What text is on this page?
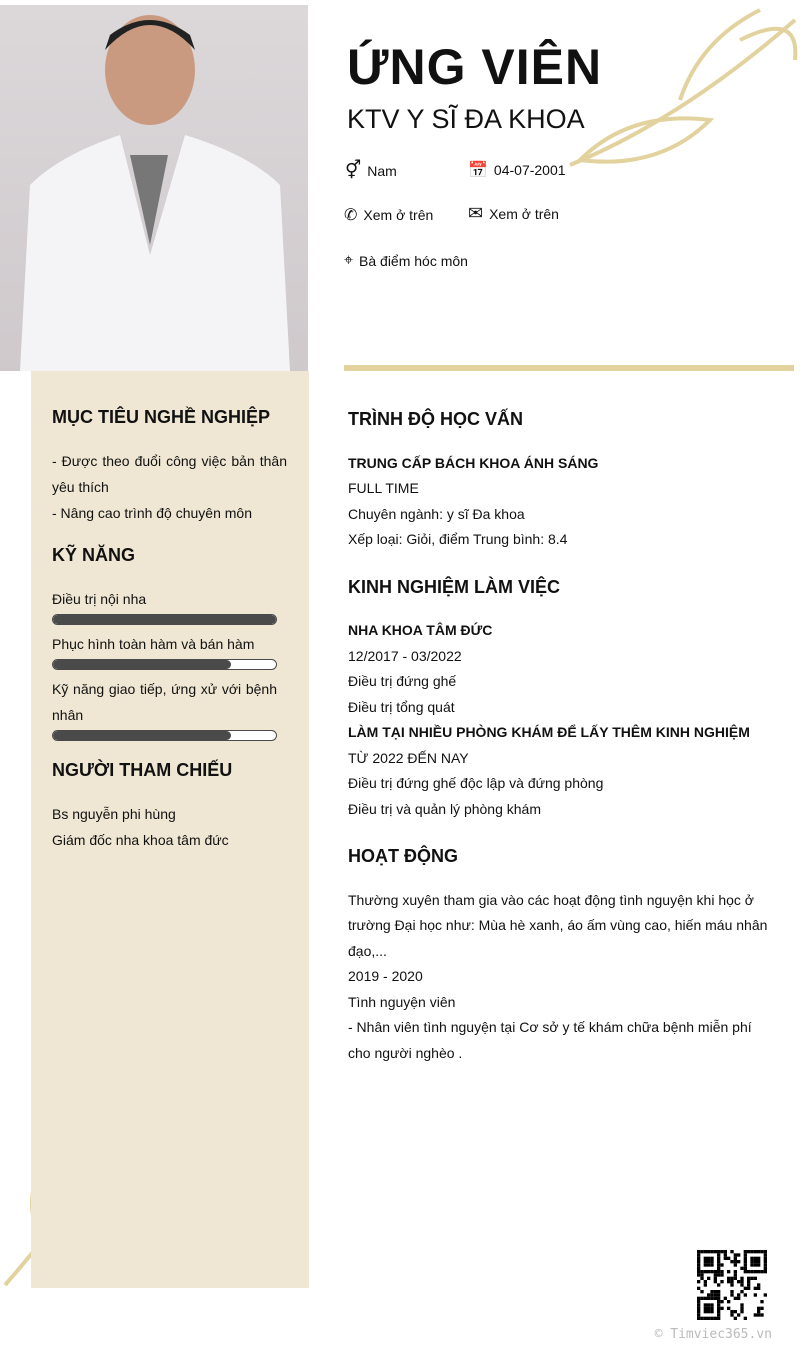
ỨNG VIÊN
KTV Y SĨ ĐA KHOA
⚥ Nam	📅 04-07-2001
✆ Xem ở trên ✉ Xem ở trên
⌖ Bà điểm hóc môn
MỤC TIÊU NGHỀ NGHIỆP
- Được theo đuổi công việc bản thân yêu thích
- Nâng cao trình độ chuyên môn
KỸ NĂNG
Điều trị nội nha
Phục hình toàn hàm và bán hàm
Kỹ năng giao tiếp, ứng xử với bệnh nhân
NGƯỜI THAM CHIẾU
Bs nguyễn phi hùng
Giám đốc nha khoa tâm đức
TRÌNH ĐỘ HỌC VẤN
TRUNG CẤP BÁCH KHOA ÁNH SÁNG
FULL TIME
Chuyên ngành: y sĩ Đa khoa
Xếp loại: Giỏi, điểm Trung bình: 8.4
KINH NGHIỆM LÀM VIỆC
NHA KHOA TÂM ĐỨC
12/2017 - 03/2022
Điều trị đứng ghế
Điều trị tổng quát
LÀM TẠI NHIỀU PHÒNG KHÁM ĐỂ LẤY THÊM KINH NGHIỆM
TỪ 2022 ĐẾN NAY
Điều trị đứng ghế độc lập và đứng phòng
Điều trị và quản lý phòng khám
HOẠT ĐỘNG
Thường xuyên tham gia vào các hoạt động tình nguyện khi học ở trường Đại học như: Mùa hè xanh, áo ấm vùng cao, hiến máu nhân đạo,...
2019 - 2020
Tình nguyện viên
- Nhân viên tình nguyện tại Cơ sở y tế khám chữa bệnh miễn phí cho người nghèo .
© Timviec365.vn
